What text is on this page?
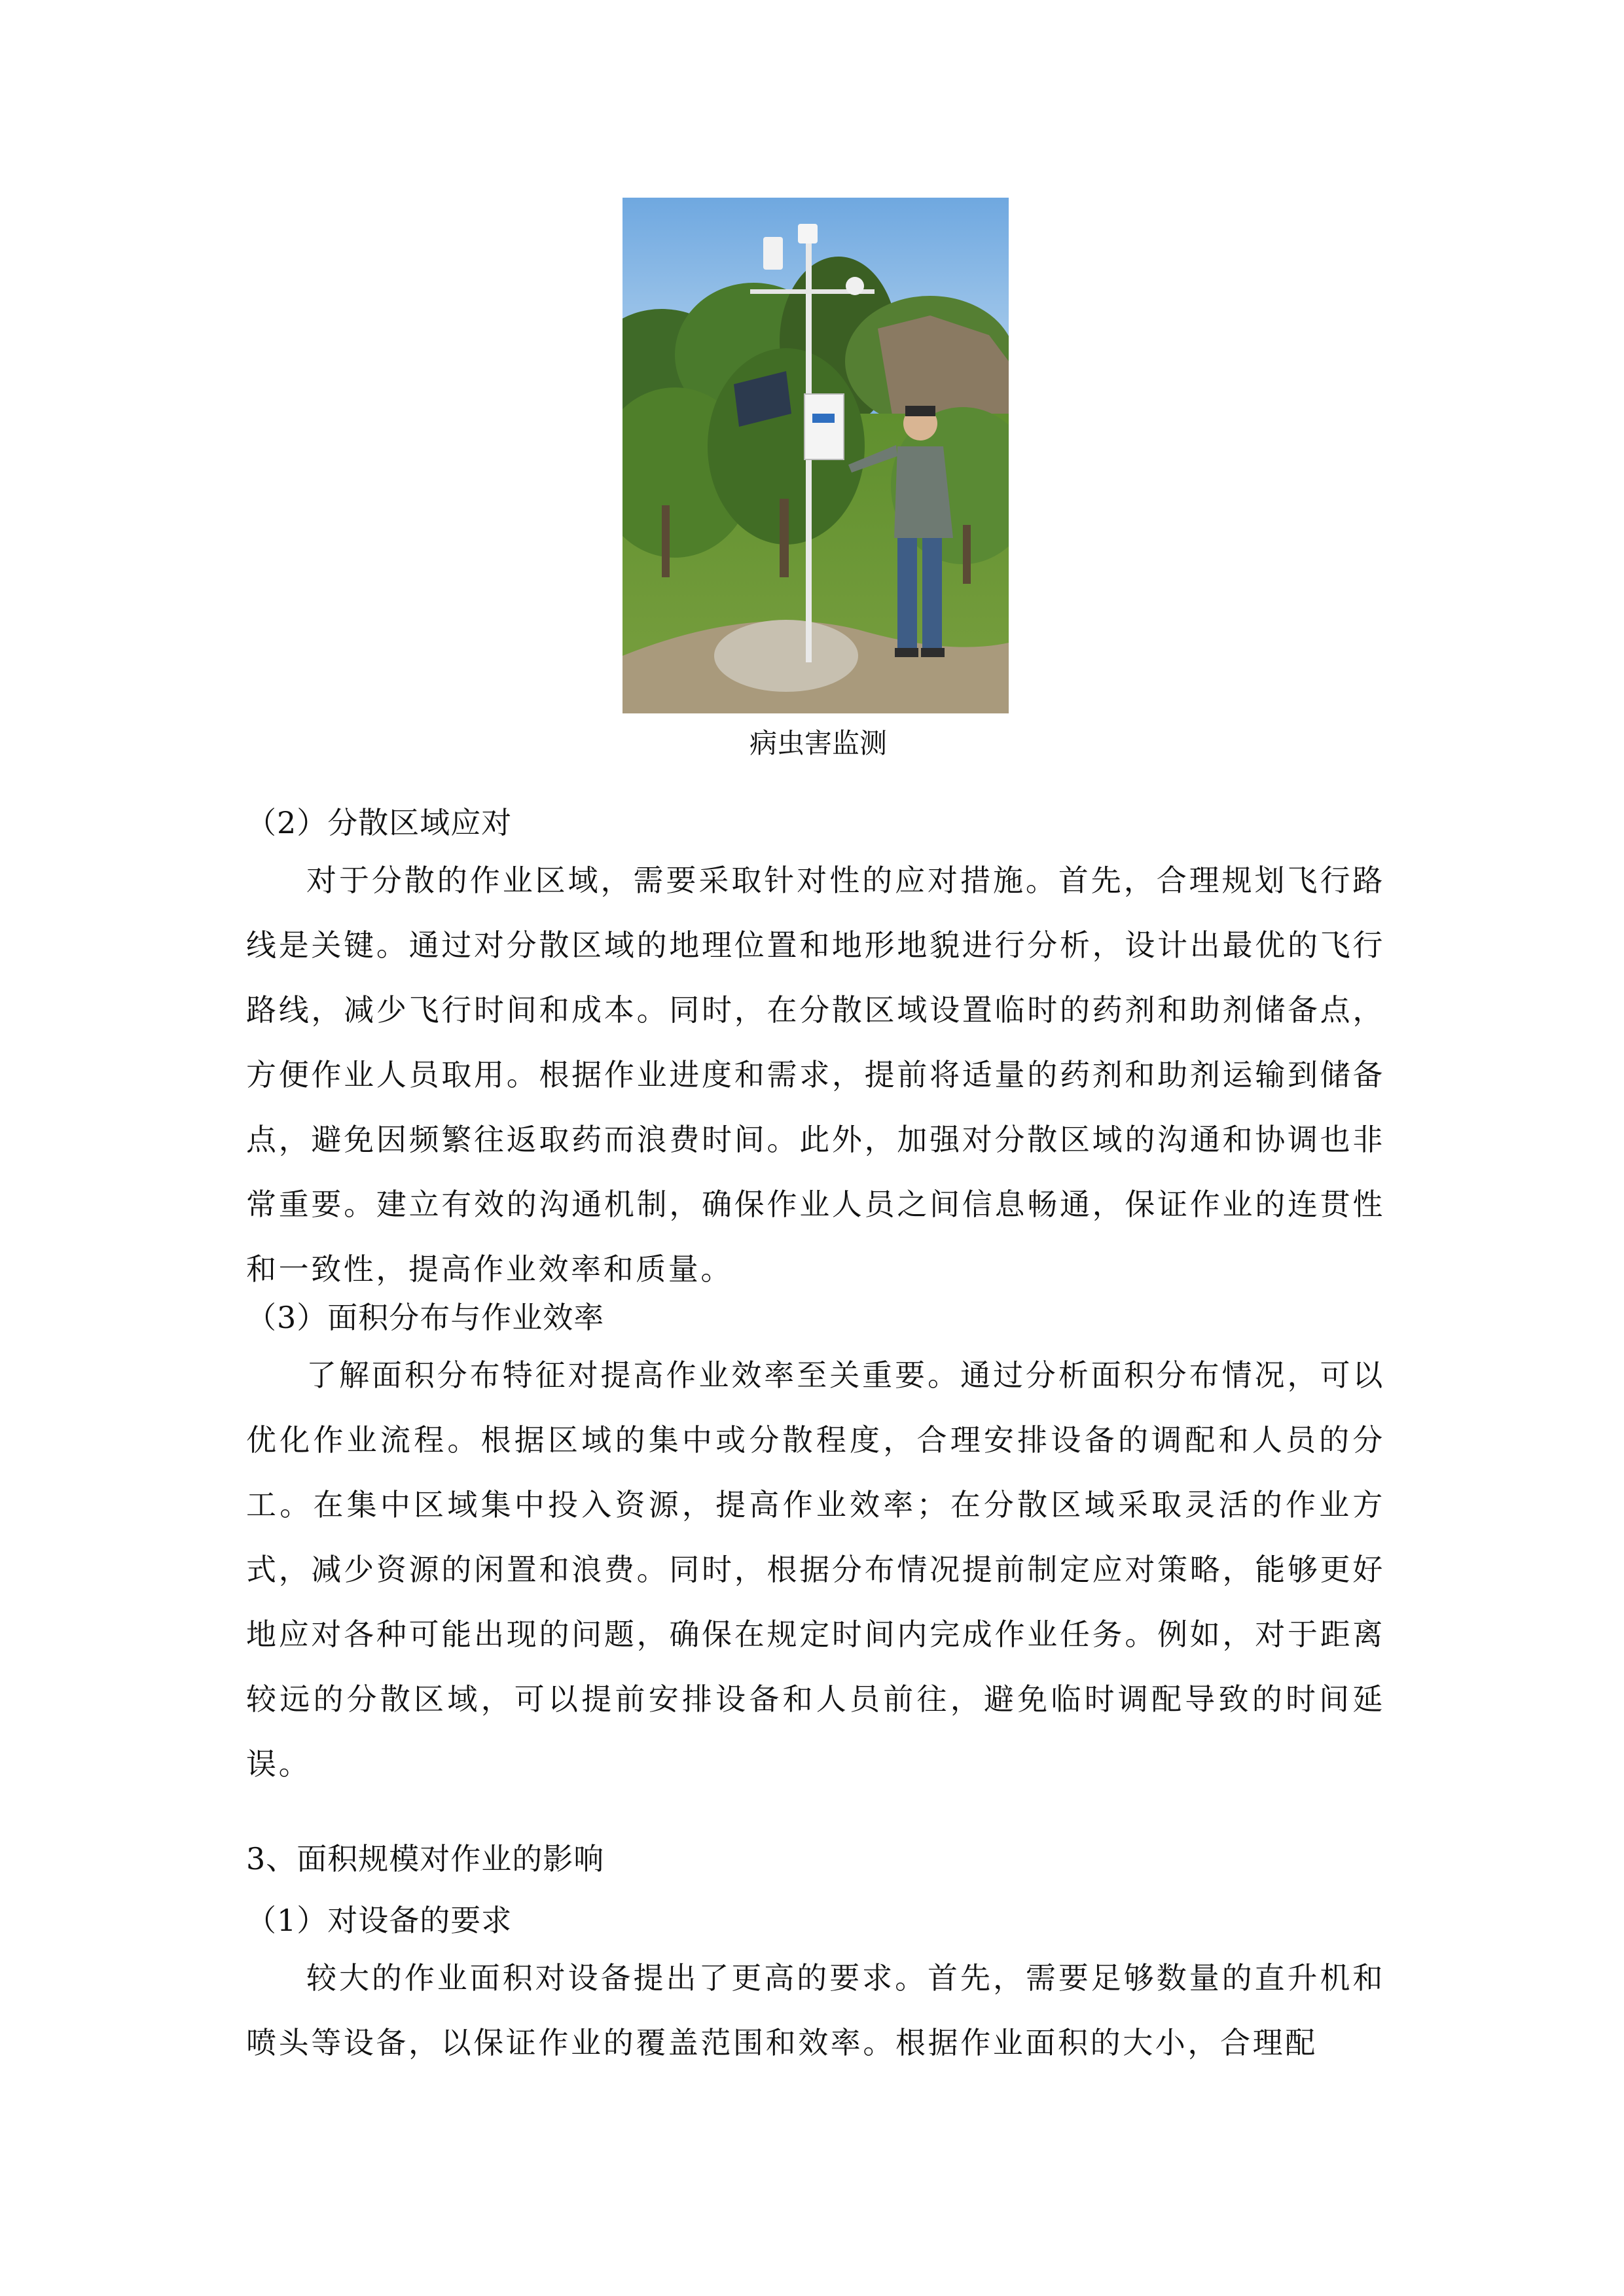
病虫害监测
（2）分散区域应对

对于分散的作业区域，需要采取针对性的应对措施。首先，合理规划飞行路线是关键。通过对分散区域的地理位置和地形地貌进行分析，设计出最优的飞行路线，减少飞行时间和成本。同时，在分散区域设置临时的药剂和助剂储备点，方便作业人员取用。根据作业进度和需求，提前将适量的药剂和助剂运输到储备点，避免因频繁往返取药而浪费时间。此外，加强对分散区域的沟通和协调也非常重要。建立有效的沟通机制，确保作业人员之间信息畅通，保证作业的连贯性和一致性，提高作业效率和质量。

（3）面积分布与作业效率

了解面积分布特征对提高作业效率至关重要。通过分析面积分布情况，可以优化作业流程。根据区域的集中或分散程度，合理安排设备的调配和人员的分工。在集中区域集中投入资源，提高作业效率；在分散区域采取灵活的作业方式，减少资源的闲置和浪费。同时，根据分布情况提前制定应对策略，能够更好地应对各种可能出现的问题，确保在规定时间内完成作业任务。例如，对于距离较远的分散区域，可以提前安排设备和人员前往，避免临时调配导致的时间延误。

3、面积规模对作业的影响
（1）对设备的要求

较大的作业面积对设备提出了更高的要求。首先，需要足够数量的直升机和喷头等设备，以保证作业的覆盖范围和效率。根据作业面积的大小，合理配
